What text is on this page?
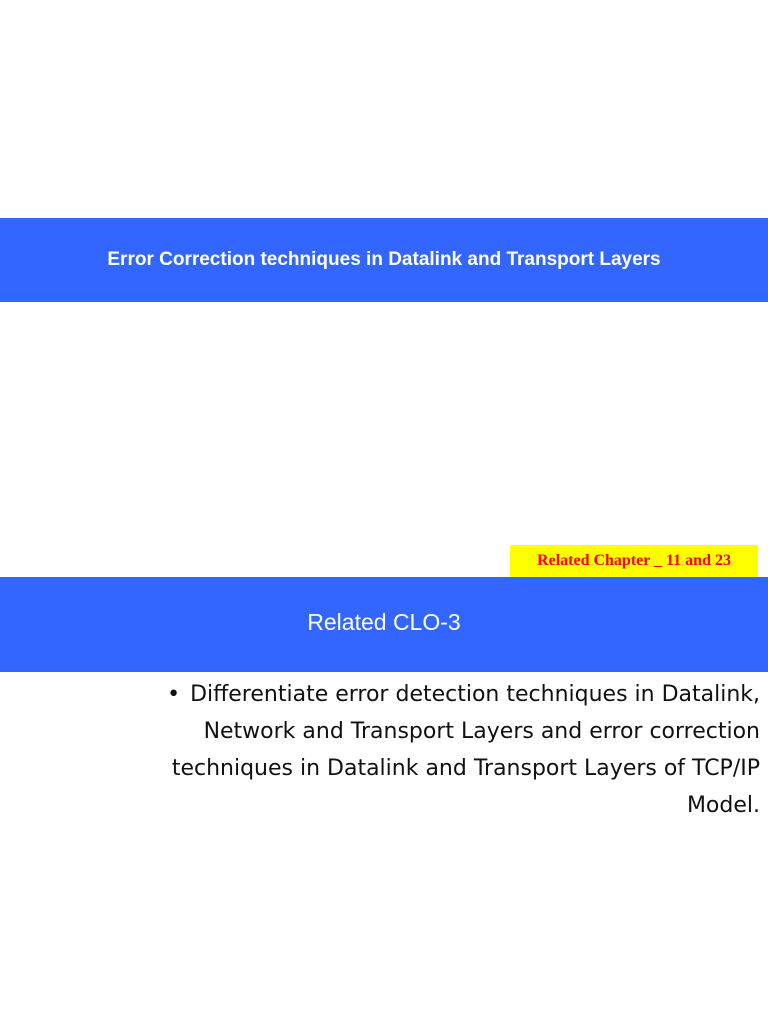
Error Correction techniques in Datalink and Transport Layers
Related Chapter _ 11 and 23
Related CLO-3
• Differentiate error detection techniques in Datalink, Network and Transport Layers and error correction techniques in Datalink and Transport Layers of TCP/IP Model.
